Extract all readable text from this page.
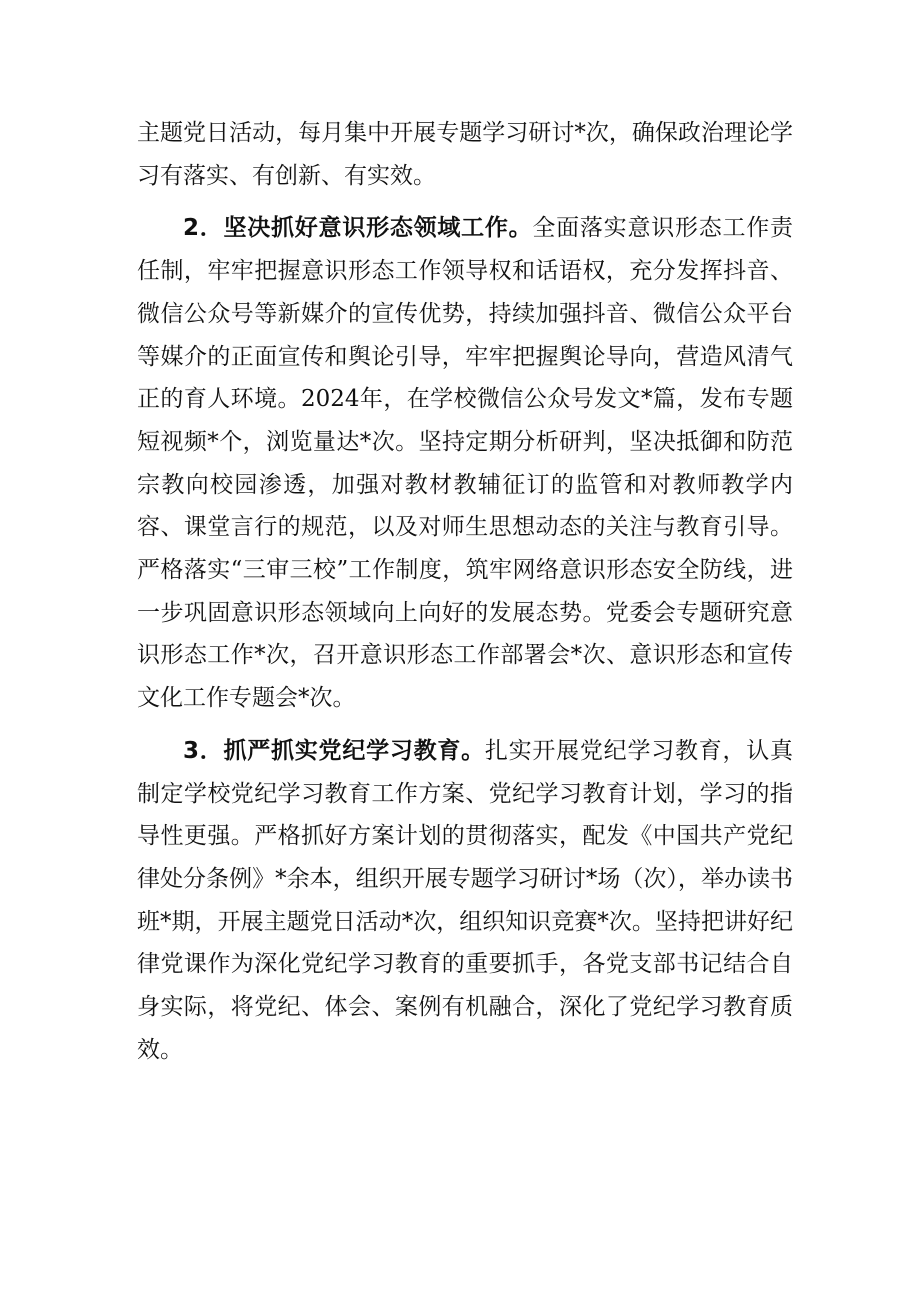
主题党日活动，每月集中开展专题学习研讨*次，确保政治理论学习有落实、有创新、有实效。

2．坚决抓好意识形态领域工作。全面落实意识形态工作责任制，牢牢把握意识形态工作领导权和话语权，充分发挥抖音、微信公众号等新媒介的宣传优势，持续加强抖音、微信公众平台等媒介的正面宣传和舆论引导，牢牢把握舆论导向，营造风清气正的育人环境。2024年，在学校微信公众号发文*篇，发布专题短视频*个，浏览量达*次。坚持定期分析研判，坚决抵御和防范宗教向校园渗透，加强对教材教辅征订的监管和对教师教学内容、课堂言行的规范，以及对师生思想动态的关注与教育引导。严格落实“三审三校”工作制度，筑牢网络意识形态安全防线，进一步巩固意识形态领域向上向好的发展态势。党委会专题研究意识形态工作*次，召开意识形态工作部署会*次、意识形态和宣传文化工作专题会*次。

3．抓严抓实党纪学习教育。扎实开展党纪学习教育，认真制定学校党纪学习教育工作方案、党纪学习教育计划，学习的指导性更强。严格抓好方案计划的贯彻落实，配发《中国共产党纪律处分条例》*余本，组织开展专题学习研讨*场（次），举办读书班*期，开展主题党日活动*次，组织知识竞赛*次。坚持把讲好纪律党课作为深化党纪学习教育的重要抓手，各党支部书记结合自身实际，将党纪、体会、案例有机融合，深化了党纪学习教育质效。
